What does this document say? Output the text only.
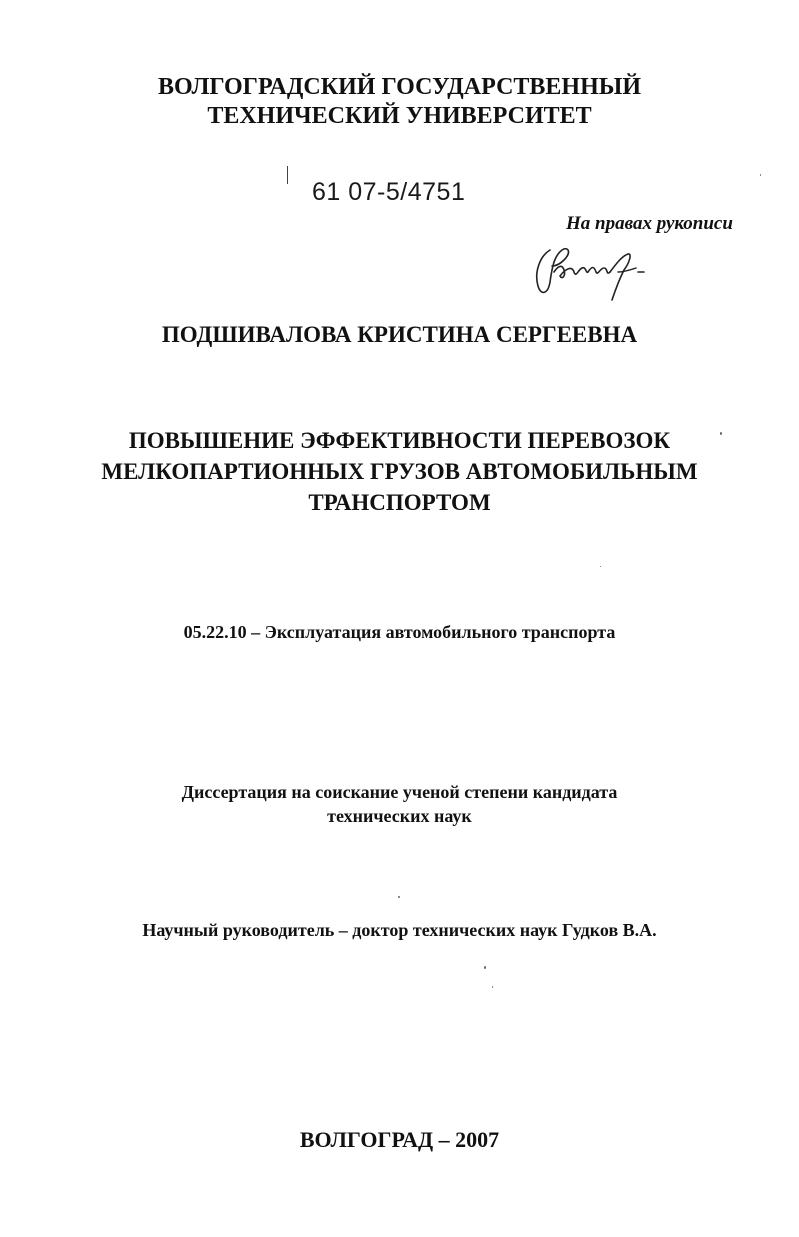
ВОЛГОГРАДСКИЙ ГОСУДАРСТВЕННЫЙ
ТЕХНИЧЕСКИЙ УНИВЕРСИТЕТ
61 07-5/4751
На правах рукописи
ПОДШИВАЛОВА КРИСТИНА СЕРГЕЕВНА
ПОВЫШЕНИЕ ЭФФЕКТИВНОСТИ ПЕРЕВОЗОК
МЕЛКОПАРТИОННЫХ ГРУЗОВ АВТОМОБИЛЬНЫМ
ТРАНСПОРТОМ
05.22.10 – Эксплуатация автомобильного транспорта
Диссертация на соискание ученой степени кандидата
технических наук
Научный руководитель – доктор технических наук Гудков В.А.
ВОЛГОГРАД – 2007
